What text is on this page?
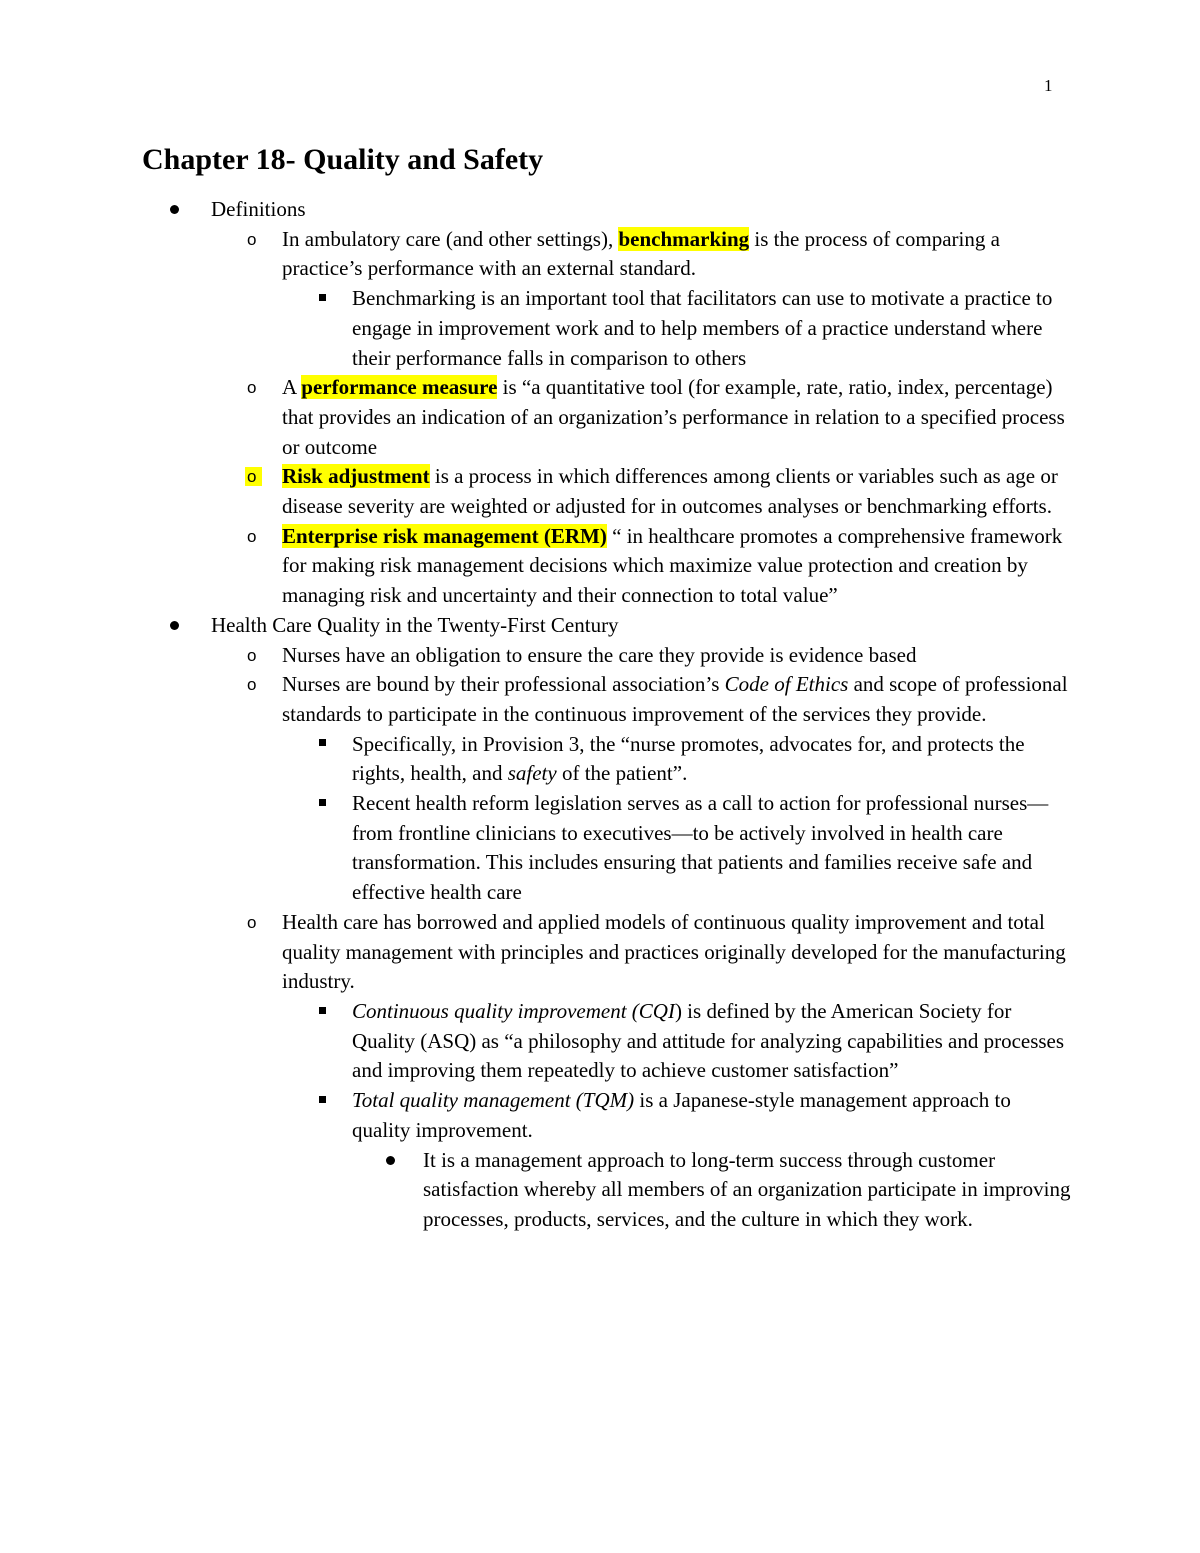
1
Chapter 18- Quality and Safety
Definitions
o	In ambulatory care (and other settings), benchmarking is the process of comparing a practice’s performance with an external standard.
Benchmarking is an important tool that facilitators can use to motivate a practice to engage in improvement work and to help members of a practice understand where their performance falls in comparison to others
o	A performance measure is “a quantitative tool (for example, rate, ratio, index, percentage) that provides an indication of an organization’s performance in relation to a specified process or outcome
o	Risk adjustment is a process in which differences among clients or variables such as age or disease severity are weighted or adjusted for in outcomes analyses or benchmarking efforts.
o	Enterprise risk management (ERM) “ in healthcare promotes a comprehensive framework for making risk management decisions which maximize value protection and creation by managing risk and uncertainty and their connection to total value”
Health Care Quality in the Twenty-First Century
o	Nurses have an obligation to ensure the care they provide is evidence based
o	Nurses are bound by their professional association’s Code of Ethics and scope of professional standards to participate in the continuous improvement of the services they provide.
Specifically, in Provision 3, the “nurse promotes, advocates for, and protects the rights, health, and safety of the patient”.
Recent health reform legislation serves as a call to action for professional nurses—from frontline clinicians to executives—to be actively involved in health care transformation. This includes ensuring that patients and families receive safe and effective health care
o	Health care has borrowed and applied models of continuous quality improvement and total quality management with principles and practices originally developed for the manufacturing industry.
Continuous quality improvement (CQI) is defined by the American Society for Quality (ASQ) as “a philosophy and attitude for analyzing capabilities and processes and improving them repeatedly to achieve customer satisfaction”
Total quality management (TQM) is a Japanese-style management approach to quality improvement.
It is a management approach to long-term success through customer satisfaction whereby all members of an organization participate in improving processes, products, services, and the culture in which they work.
